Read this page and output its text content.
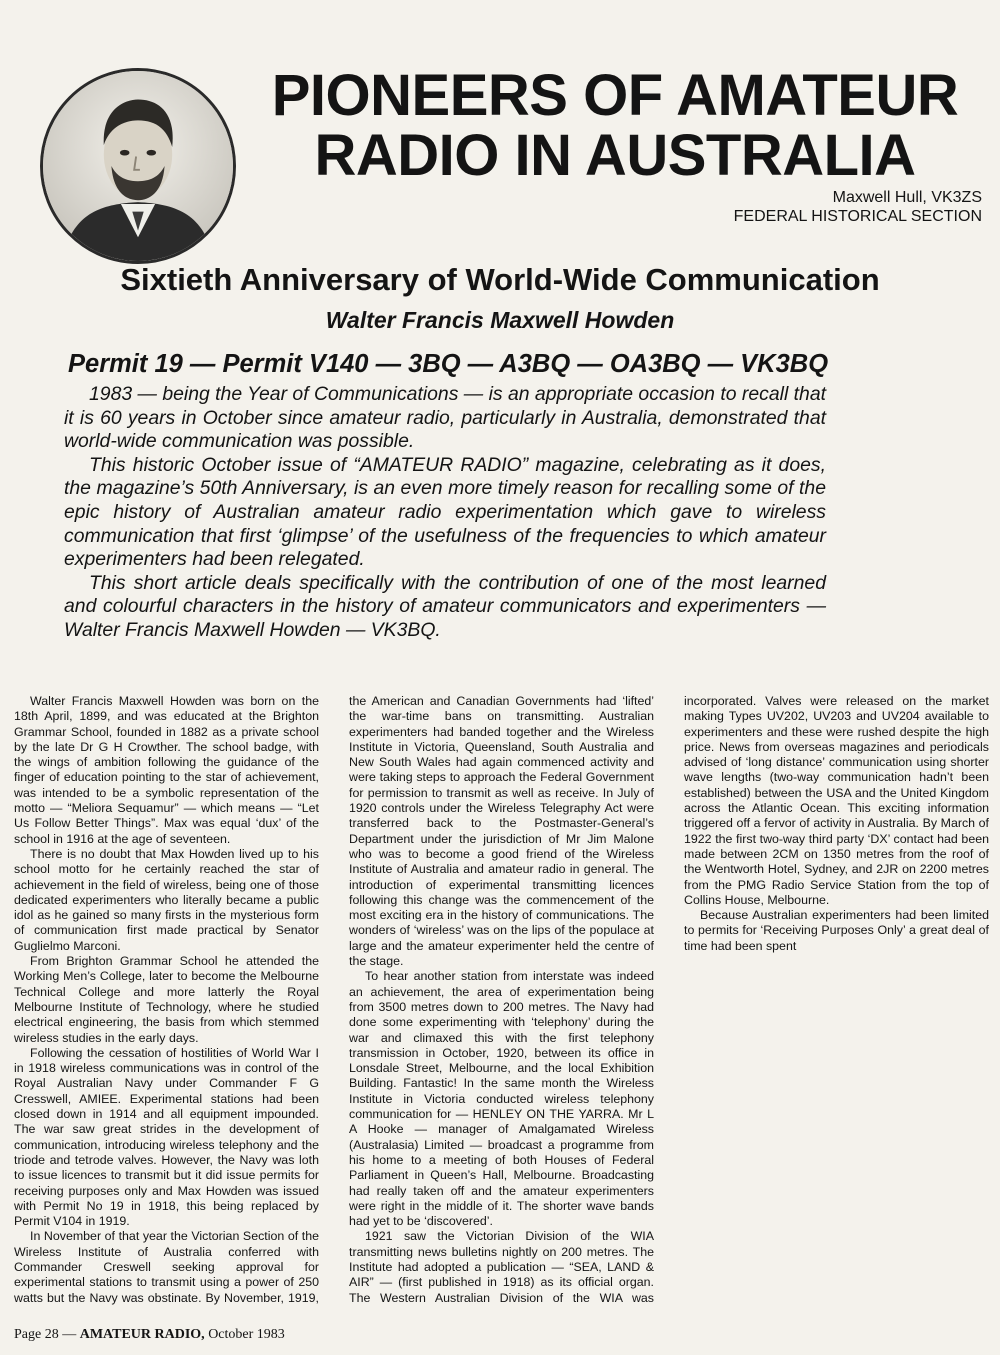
PIONEERS OF AMATEUR
RADIO IN AUSTRALIA
Maxwell Hull, VK3ZS
FEDERAL HISTORICAL SECTION
Sixtieth Anniversary of World-Wide Communication
Walter Francis Maxwell Howden
Permit 19 — Permit V140 — 3BQ — A3BQ — OA3BQ — VK3BQ

1983 — being the Year of Communications — is an appropriate occasion to recall that it is 60 years in October since amateur radio, particularly in Australia, demonstrated that world-wide communication was possible.

This historic October issue of “AMATEUR RADIO” magazine, celebrating as it does, the magazine’s 50th Anniversary, is an even more timely reason for recalling some of the epic history of Australian amateur radio experimentation which gave to wireless communication that first ‘glimpse’ of the usefulness of the frequencies to which amateur experimenters had been relegated.

This short article deals specifically with the contribution of one of the most learned and colourful characters in the history of amateur communicators and experimenters — Walter Francis Maxwell Howden — VK3BQ.

Walter Francis Maxwell Howden was born on the 18th April, 1899, and was educated at the Brighton Grammar School, founded in 1882 as a private school by the late Dr G H Crowther. The school badge, with the wings of ambition following the guidance of the finger of education pointing to the star of achievement, was intended to be a symbolic representation of the motto — “Meliora Sequamur” — which means — “Let Us Follow Better Things”. Max was equal ‘dux’ of the school in 1916 at the age of seventeen.

There is no doubt that Max Howden lived up to his school motto for he certainly reached the star of achievement in the field of wireless, being one of those dedicated experimenters who literally became a public idol as he gained so many firsts in the mysterious form of communication first made practical by Senator Guglielmo Marconi.

From Brighton Grammar School he attended the Working Men’s College, later to become the Melbourne Technical College and more latterly the Royal Melbourne Institute of Technology, where he studied electrical engineering, the basis from which stemmed wireless studies in the early days.

Following the cessation of hostilities of World War I in 1918 wireless communications was in control of the Royal Australian Navy under Commander F G Cresswell, AMIEE. Experimental stations had been closed down in 1914 and all equipment impounded. The war saw great strides in the development of communication, introducing wireless telephony and the triode and tetrode valves. However, the Navy was loth to issue licences to transmit but it did issue permits for receiving purposes only and Max Howden was issued with Permit No 19 in 1918, this being replaced by Permit V104 in 1919.

In November of that year the Victorian Section of the Wireless Institute of Australia conferred with Commander Creswell seeking approval for experimental stations to transmit using a power of 250 watts but the Navy was obstinate. By November, 1919, the American and Canadian Governments had ‘lifted’ the war-time bans on transmitting. Australian experimenters had banded together and the Wireless Institute in Victoria, Queensland, South Australia and New South Wales had again commenced activity and were taking steps to approach the Federal Government for permission to transmit as well as receive. In July of 1920 controls under the Wireless Telegraphy Act were transferred back to the Postmaster-General’s Department under the jurisdiction of Mr Jim Malone who was to become a good friend of the Wireless Institute of Australia and amateur radio in general. The introduction of experimental transmitting licences following this change was the commencement of the most exciting era in the history of communications. The wonders of ‘wireless’ was on the lips of the populace at large and the amateur experimenter held the centre of the stage.

To hear another station from interstate was indeed an achievement, the area of experimentation being from 3500 metres down to 200 metres. The Navy had done some experimenting with ‘telephony’ during the war and climaxed this with the first telephony transmission in October, 1920, between its office in Lonsdale Street, Melbourne, and the local Exhibition Building. Fantastic! In the same month the Wireless Institute in Victoria conducted wireless telephony communication for — HENLEY ON THE YARRA. Mr L A Hooke — manager of Amalgamated Wireless (Australasia) Limited — broadcast a programme from his home to a meeting of both Houses of Federal Parliament in Queen’s Hall, Melbourne. Broadcasting had really taken off and the amateur experimenters were right in the middle of it. The shorter wave bands had yet to be ‘discovered’.

1921 saw the Victorian Division of the WIA transmitting news bulletins nightly on 200 metres. The Institute had adopted a publication — “SEA, LAND & AIR” — (first published in 1918) as its official organ. The Western Australian Division of the WIA was incorporated. Valves were released on the market making Types UV202, UV203 and UV204 available to experimenters and these were rushed despite the high price. News from overseas magazines and periodicals advised of ‘long distance’ communication using shorter wave lengths (two-way communication hadn’t been established) between the USA and the United Kingdom across the Atlantic Ocean. This exciting information triggered off a fervor of activity in Australia. By March of 1922 the first two-way third party ‘DX’ contact had been made between 2CM on 1350 metres from the roof of the Wentworth Hotel, Sydney, and 2JR on 2200 metres from the PMG Radio Service Station from the top of Collins House, Melbourne.

Because Australian experimenters had been limited to permits for ‘Receiving Purposes Only’ a great deal of time had been spent

Page 28 — AMATEUR RADIO, October 1983
